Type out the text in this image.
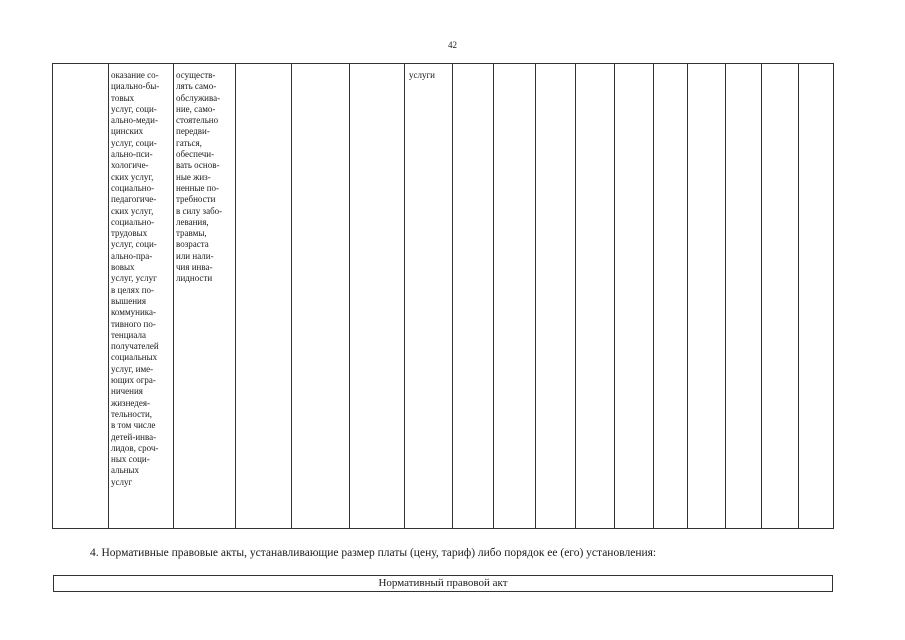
42
оказание со-
циально-бы-
товых
услуг, соци-
ально-меди-
цинских
услуг, соци-
ально-пси-
хологиче-
ских услуг,
социально-
педагогиче-
ских услуг,
социально-
трудовых
услуг, соци-
ально-пра-
вовых
услуг, услуг
в целях по-
вышения
коммуника-
тивного по-
тенциала
получателей
социальных
услуг, име-
ющих огра-
ничения
жизнедея-
тельности,
в том числе
детей-инва-
лидов, сроч-
ных соци-
альных
услуг
осуществ-
лять само-
обслужива-
ние, само-
стоятельно
передви-
гаться,
обеспечи-
вать основ-
ные жиз-
ненные по-
требности
в силу забо-
левания,
травмы,
возраста
или нали-
чия инва-
лидности
услуги
4. Нормативные правовые акты, устанавливающие размер платы (цену, тариф) либо порядок ее (его) установления:
Нормативный правовой акт
